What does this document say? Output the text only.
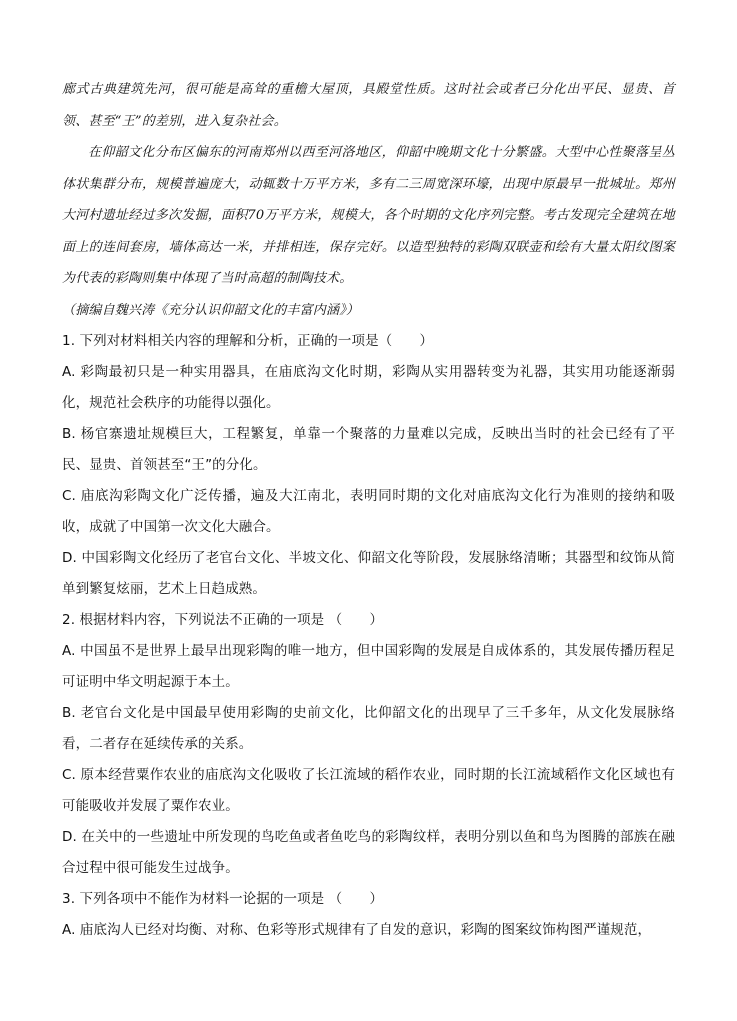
廊式古典建筑先河，很可能是高耸的重檐大屋顶，具殿堂性质。这时社会或者已分化出平民、显贵、首领、甚至“王”的差别，进入复杂社会。

在仰韶文化分布区偏东的河南郑州以西至河洛地区，仰韶中晚期文化十分繁盛。大型中心性聚落呈丛体状集群分布，规模普遍庞大，动辄数十万平方米，多有二三周宽深环壕，出现中原最早一批城址。郑州大河村遗址经过多次发掘，面积70万平方米，规模大，各个时期的文化序列完整。考古发现完全建筑在地面上的连间套房，墙体高达一米，并排相连，保存完好。以造型独特的彩陶双联壶和绘有大量太阳纹图案为代表的彩陶则集中体现了当时高超的制陶技术。

（摘编自魏兴涛《充分认识仰韶文化的丰富内涵》）

1. 下列对材料相关内容的理解和分析，正确的一项是（　　）

A. 彩陶最初只是一种实用器具，在庙底沟文化时期，彩陶从实用器转变为礼器，其实用功能逐渐弱化，规范社会秩序的功能得以强化。

B. 杨官寨遗址规模巨大，工程繁复，单靠一个聚落的力量难以完成，反映出当时的社会已经有了平民、显贵、首领甚至“王”的分化。

C. 庙底沟彩陶文化广泛传播，遍及大江南北，表明同时期的文化对庙底沟文化行为准则的接纳和吸收，成就了中国第一次文化大融合。

D. 中国彩陶文化经历了老官台文化、半坡文化、仰韶文化等阶段，发展脉络清晰；其器型和纹饰从简单到繁复炫丽，艺术上日趋成熟。

2. 根据材料内容，下列说法不正确的一项是 （　　）

A. 中国虽不是世界上最早出现彩陶的唯一地方，但中国彩陶的发展是自成体系的，其发展传播历程足可证明中华文明起源于本土。

B. 老官台文化是中国最早使用彩陶的史前文化，比仰韶文化的出现早了三千多年，从文化发展脉络看，二者存在延续传承的关系。

C. 原本经营粟作农业的庙底沟文化吸收了长江流域的稻作农业，同时期的长江流域稻作文化区域也有可能吸收并发展了粟作农业。

D. 在关中的一些遗址中所发现的鸟吃鱼或者鱼吃鸟的彩陶纹样，表明分别以鱼和鸟为图腾的部族在融合过程中很可能发生过战争。

3. 下列各项中不能作为材料一论据的一项是 （　　）

A. 庙底沟人已经对均衡、对称、色彩等形式规律有了自发的意识，彩陶的图案纹饰构图严谨规范，
